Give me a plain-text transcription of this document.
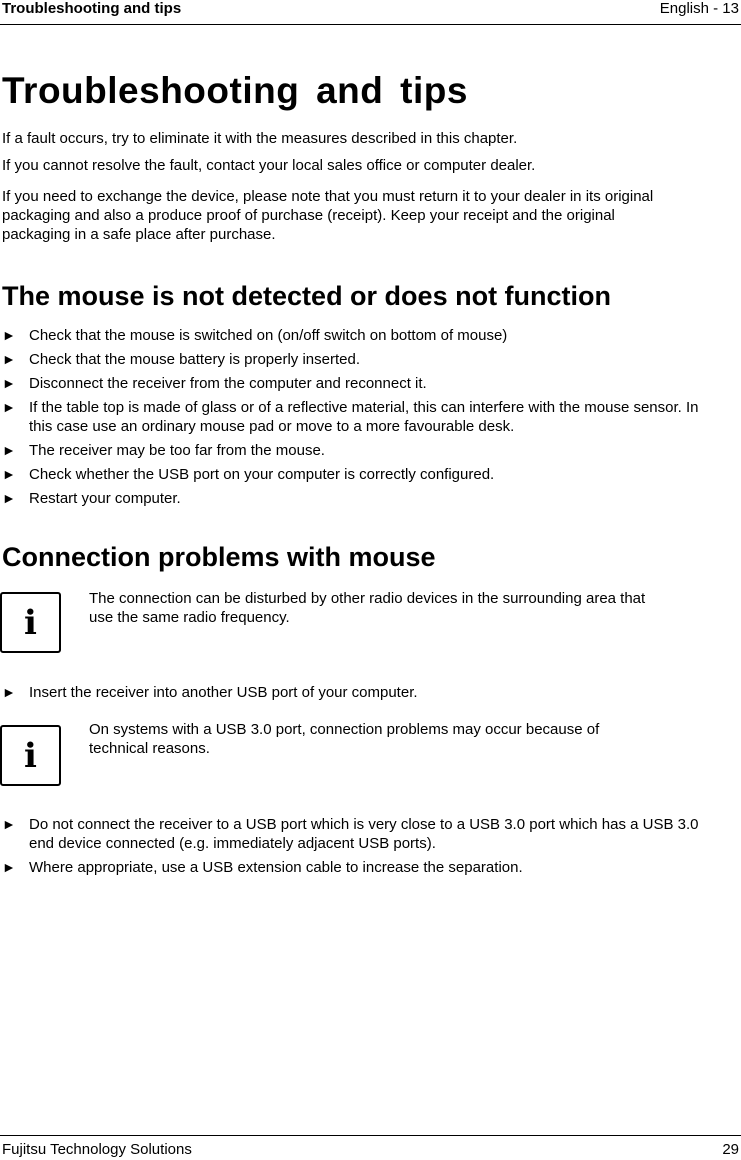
Troubleshooting and tips	English - 13
Troubleshooting and tips
If a fault occurs, try to eliminate it with the measures described in this chapter.
If you cannot resolve the fault, contact your local sales office or computer dealer.
If you need to exchange the device, please note that you must return it to your dealer in its original packaging and also a produce proof of purchase (receipt). Keep your receipt and the original packaging in a safe place after purchase.
The mouse is not detected or does not function
► Check that the mouse is switched on (on/off switch on bottom of mouse)
► Check that the mouse battery is properly inserted.
► Disconnect the receiver from the computer and reconnect it.
► If the table top is made of glass or of a reflective material, this can interfere with the mouse sensor. In this case use an ordinary mouse pad or move to a more favourable desk.
► The receiver may be too far from the mouse.
► Check whether the USB port on your computer is correctly configured.
► Restart your computer.
Connection problems with mouse
i
The connection can be disturbed by other radio devices in the surrounding area that use the same radio frequency.
► Insert the receiver into another USB port of your computer.
i
On systems with a USB 3.0 port, connection problems may occur because of technical reasons.
► Do not connect the receiver to a USB port which is very close to a USB 3.0 port which has a USB 3.0 end device connected (e.g. immediately adjacent USB ports).
► Where appropriate, use a USB extension cable to increase the separation.
Fujitsu Technology Solutions	29
